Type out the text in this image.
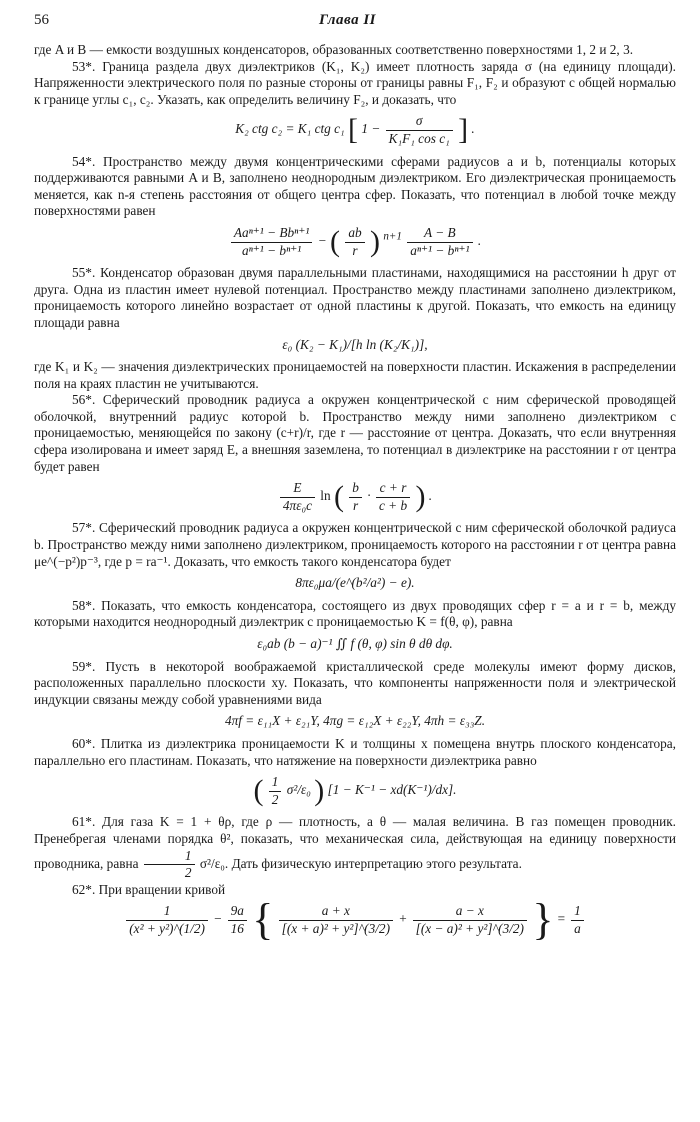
56	Глава II

где A и B — емкости воздушных конденсаторов, образованных соответственно поверхностями 1, 2 и 2, 3.

53*. Граница раздела двух диэлектриков (K₁, K₂) имеет плотность заряда σ (на единицу площади). Напряженности электрического поля по разные стороны от границы равны F₁, F₂ и образуют с общей нормалью к границе углы c₁, c₂. Указать, как определить величину F₂, и доказать, что

K₂ ctg c₂ = K₁ ctg c₁ [ $1 - \frac{\sigma}{\text{K₁F₁ cos c₁}}$ ] .

54*. Пространство между двумя концентрическими сферами радиусов a и b, потенциалы которых поддерживаются равными A и B, заполнено неоднородным диэлектриком. Его диэлектрическая проницаемость меняется, как n-я степень расстояния от общего центра сфер. Показать, что потенциал в любой точке между поверхностями равен

$\frac{\text{Aaⁿ⁺¹ − Bbⁿ⁺¹}}{\text{aⁿ⁺¹ − bⁿ⁺¹}}$ − ( $\frac{ab}{r}$ ) $^{n+1} \frac{A - B}{\text{aⁿ⁺¹ − bⁿ⁺¹}}$ .

55*. Конденсатор образован двумя параллельными пластинами, находящимися на расстоянии h друг от друга. Одна из пластин имеет нулевой потенциал. Пространство между пластинами заполнено диэлектриком, проницаемость которого линейно возрастает от одной пластины к другой. Показать, что емкость на единицу площади равна

ε₀ (K₂ − K₁)/[h ln (K₂/K₁)],

где K₁ и K₂ — значения диэлектрических проницаемостей на поверхности пластин. Искажения в распределении поля на краях пластин не учитываются.

56*. Сферический проводник радиуса a окружен концентрической с ним сферической проводящей оболочкой, внутренний радиус которой b. Пространство между ними заполнено диэлектриком с проницаемостью, меняющейся по закону (c+r)/r, где r — расстояние от центра. Доказать, что если внутренняя сфера изолирована и имеет заряд E, а внешняя заземлена, то потенциал в диэлектрике на расстоянии r от центра будет равен

$\frac{E}{\text{4πε₀c}}$ ln ( $\frac{b}{r} \cdot \frac{c + r}{c + b}$ ) .

57*. Сферический проводник радиуса a окружен концентрической с ним сферической оболочкой радиуса b. Пространство между ними заполнено диэлектриком, проницаемость которого на расстоянии r от центра равна μe^(−p²)p⁻³, где p = ra⁻¹. Доказать, что емкость такого конденсатора будет

8πε₀μa/(e^(b²/a²) − e).

58*. Показать, что емкость конденсатора, состоящего из двух проводящих сфер r = a и r = b, между которыми находится неоднородный диэлектрик с проницаемостью K = f(θ, φ), равна

ε₀ab (b − a)⁻¹ ∬ f (θ, φ) sin θ dθ dφ.

59*. Пусть в некоторой воображаемой кристаллической среде молекулы имеют форму дисков, расположенных параллельно плоскости xy. Показать, что компоненты напряженности поля и электрической индукции связаны между собой уравнениями вида

4πf = ε₁₁X + ε₂₁Y, 4πg = ε₁₂X + ε₂₂Y, 4πh = ε₃₃Z.

60*. Плитка из диэлектрика проницаемости K и толщины x помещена внутрь плоского конденсатора, параллельно его пластинам. Показать, что натяжение на поверхности диэлектрика равно

( $\frac{1}{2} \sigma^2/\varepsilon_0$ ) [1 − K⁻¹ − xd(K⁻¹)/dx].

61*. Для газа K = 1 + θρ, где ρ — плотность, а θ — малая величина. В газ помещен проводник. Пренебрегая членами порядка θ², показать, что механическая сила, действующая на единицу поверхности проводника, равна $\frac{1}{2} \sigma^2/\varepsilon_0$. Дать физическую интерпретацию этого результата.

62*. При вращении кривой

$\frac{1}{\text{(x² + y²)\textasciicircum{}(1/2)}} - \frac{9a}{16}$ { $\frac{a + x}{\text{[(x + a)² + y²]\textasciicircum{}(3/2)}} + \frac{a - x}{\text{[(x − a)² + y²]\textasciicircum{}(3/2)}}$ } = $\frac{1}{a}$
